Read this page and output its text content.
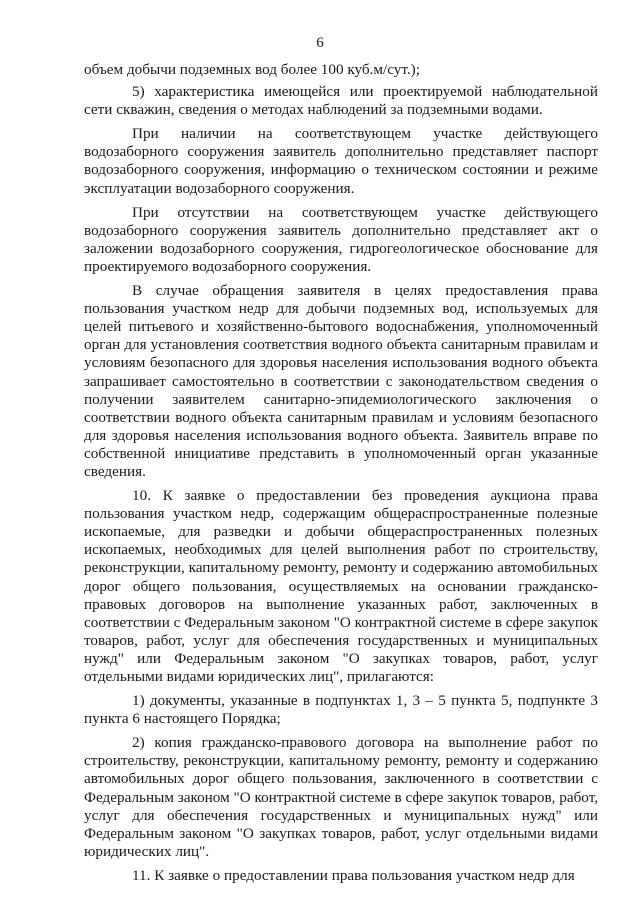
6

объем добычи подземных вод более 100 куб.м/сут.);

5) характеристика имеющейся или проектируемой наблюдательной сети скважин, сведения о методах наблюдений за подземными водами.

При наличии на соответствующем участке действующего водозаборного сооружения заявитель дополнительно представляет паспорт водозаборного сооружения, информацию о техническом состоянии и режиме эксплуатации водозаборного сооружения.

При отсутствии на соответствующем участке действующего водозаборного сооружения заявитель дополнительно представляет акт о заложении водозаборного сооружения, гидрогеологическое обоснование для проектируемого водозаборного сооружения.

В случае обращения заявителя в целях предоставления права пользования участком недр для добычи подземных вод, используемых для целей питьевого и хозяйственно-бытового водоснабжения, уполномоченный орган для установления соответствия водного объекта санитарным правилам и условиям безопасного для здоровья населения использования водного объекта запрашивает самостоятельно в соответствии с законодательством сведения о получении заявителем санитарно-эпидемиологического заключения о соответствии водного объекта санитарным правилам и условиям безопасного для здоровья населения использования водного объекта. Заявитель вправе по собственной инициативе представить в уполномоченный орган указанные сведения.

10. К заявке о предоставлении без проведения аукциона права пользования участком недр, содержащим общераспространенные полезные ископаемые, для разведки и добычи общераспространенных полезных ископаемых, необходимых для целей выполнения работ по строительству, реконструкции, капитальному ремонту, ремонту и содержанию автомобильных дорог общего пользования, осуществляемых на основании гражданско-правовых договоров на выполнение указанных работ, заключенных в соответствии с Федеральным законом "О контрактной системе в сфере закупок товаров, работ, услуг для обеспечения государственных и муниципальных нужд" или Федеральным законом "О закупках товаров, работ, услуг отдельными видами юридических лиц", прилагаются:

1) документы, указанные в подпунктах 1, 3 – 5 пункта 5, подпункте 3 пункта 6 настоящего Порядка;

2) копия гражданско-правового договора на выполнение работ по строительству, реконструкции, капитальному ремонту, ремонту и содержанию автомобильных дорог общего пользования, заключенного в соответствии с Федеральным законом "О контрактной системе в сфере закупок товаров, работ, услуг для обеспечения государственных и муниципальных нужд" или Федеральным законом "О закупках товаров, работ, услуг отдельными видами юридических лиц".

11. К заявке о предоставлении права пользования участком недр для
